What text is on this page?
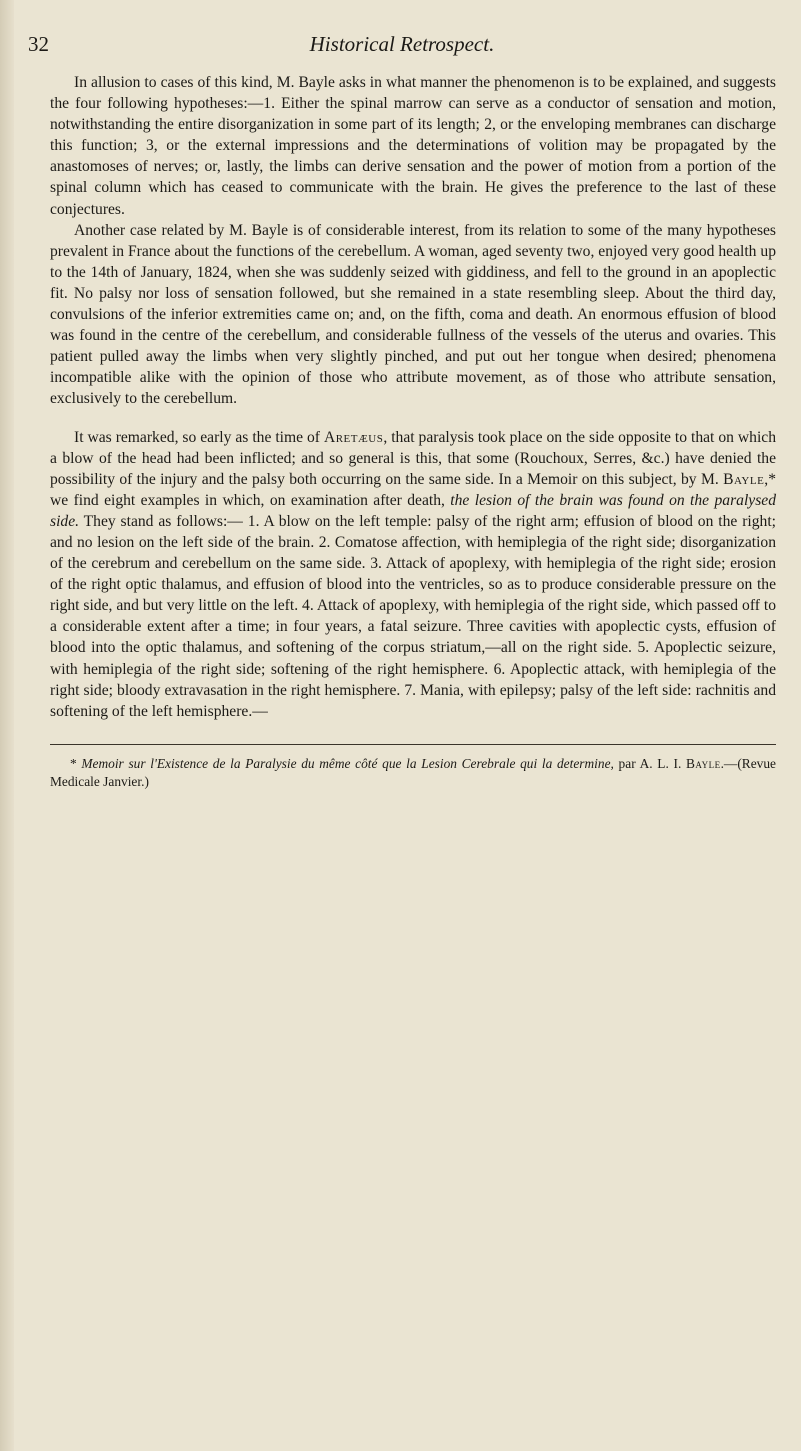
32	Historical Retrospect.

In allusion to cases of this kind, M. Bayle asks in what manner the phenomenon is to be explained, and suggests the four following hypotheses:—1. Either the spinal marrow can serve as a conductor of sensation and motion, notwithstanding the entire disorganization in some part of its length; 2, or the enveloping membranes can discharge this function; 3, or the external impressions and the determinations of volition may be propagated by the anastomoses of nerves; or, lastly, the limbs can derive sensation and the power of motion from a portion of the spinal column which has ceased to communicate with the brain. He gives the preference to the last of these conjectures.

Another case related by M. Bayle is of considerable interest, from its relation to some of the many hypotheses prevalent in France about the functions of the cerebellum. A woman, aged seventy two, enjoyed very good health up to the 14th of January, 1824, when she was suddenly seized with giddiness, and fell to the ground in an apoplectic fit. No palsy nor loss of sensation followed, but she remained in a state resembling sleep. About the third day, convulsions of the inferior extremities came on; and, on the fifth, coma and death. An enormous effusion of blood was found in the centre of the cerebellum, and considerable fullness of the vessels of the uterus and ovaries. This patient pulled away the limbs when very slightly pinched, and put out her tongue when desired; phenomena incompatible alike with the opinion of those who attribute movement, as of those who attribute sensation, exclusively to the cerebellum.

It was remarked, so early as the time of Aretæus, that paralysis took place on the side opposite to that on which a blow of the head had been inflicted; and so general is this, that some (Rouchoux, Serres, &c.) have denied the possibility of the injury and the palsy both occurring on the same side. In a Memoir on this subject, by M. Bayle,* we find eight examples in which, on examination after death, the lesion of the brain was found on the paralysed side. They stand as follows:— 1. A blow on the left temple: palsy of the right arm; effusion of blood on the right; and no lesion on the left side of the brain. 2. Comatose affection, with hemiplegia of the right side; disorganization of the cerebrum and cerebellum on the same side. 3. Attack of apoplexy, with hemiplegia of the right side; erosion of the right optic thalamus, and effusion of blood into the ventricles, so as to produce considerable pressure on the right side, and but very little on the left. 4. Attack of apoplexy, with hemiplegia of the right side, which passed off to a considerable extent after a time; in four years, a fatal seizure. Three cavities with apoplectic cysts, effusion of blood into the optic thalamus, and softening of the corpus striatum,—all on the right side. 5. Apoplectic seizure, with hemiplegia of the right side; softening of the right hemisphere. 6. Apoplectic attack, with hemiplegia of the right side; bloody extravasation in the right hemisphere. 7. Mania, with epilepsy; palsy of the left side: rachnitis and softening of the left hemisphere.—

* Memoir sur l'Existence de la Paralysie du même côté que la Lesion Cerebrale qui la determine, par A. L. I. Bayle.—(Revue Medicale Janvier.)
